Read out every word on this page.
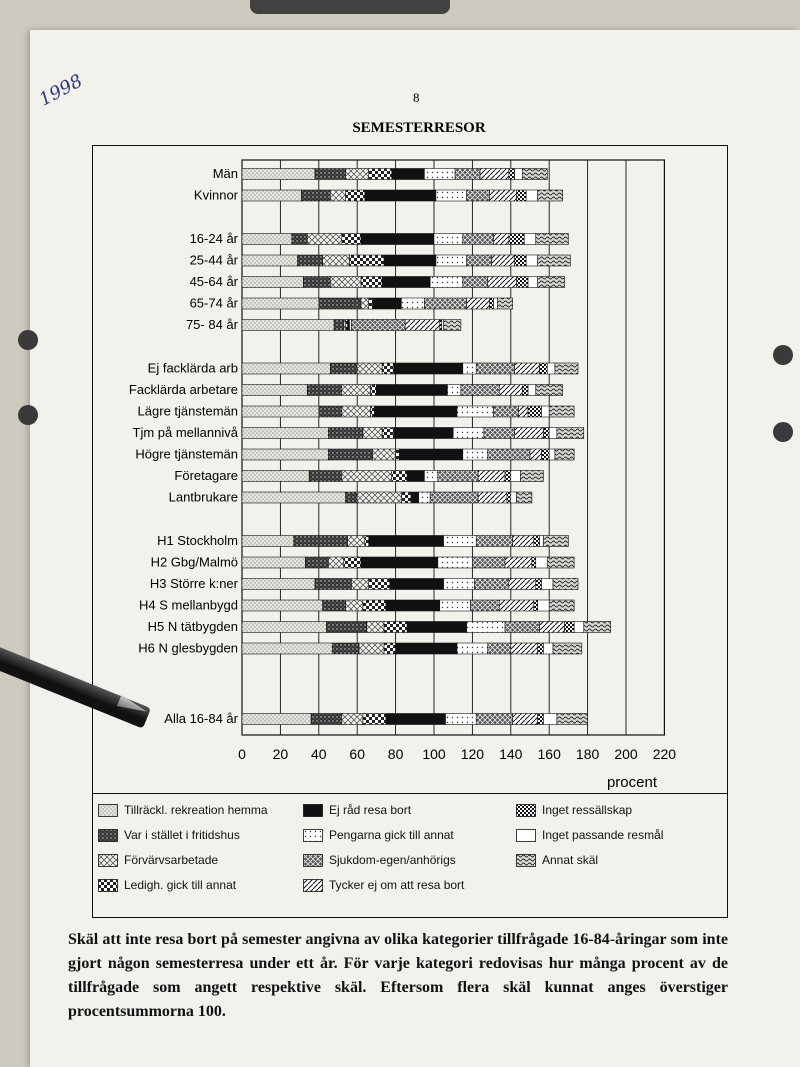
1998	8
SEMESTERRESOR
0 20 40 60 80 100 120 140 160 180 200 220
procent
Män
Kvinnor
16-24 år
25-44 år
45-64 år
65-74 år
75- 84 år
Ej facklärda arb
Facklärda arbetare
Lägre tjänstemän
Tjm på mellannivå
Högre tjänstemän
Företagare
Lantbrukare
H1 Stockholm
H2 Gbg/Malmö
H3 Större k:ner
H4 S mellanbygd
H5 N tätbygden
H6 N glesbygden
Alla 16-84 år
Tillräckl. rekreation hemma
Var i stället i fritidshus
Förvärvsarbetade
Ledigh. gick till annat
Ej råd resa bort
Pengarna gick till annat
Sjukdom-egen/anhörigs
Tycker ej om att resa bort
Inget ressällskap
Inget passande resmål
Annat skäl
Skäl att inte resa bort på semester angivna av olika kategorier tillfrågade 16-84-åringar som inte gjort någon semesterresa under ett år. För varje kategori redovisas hur många procent av de tillfrågade som angett respektive skäl. Eftersom flera skäl kunnat anges överstiger procentsummorna 100.
